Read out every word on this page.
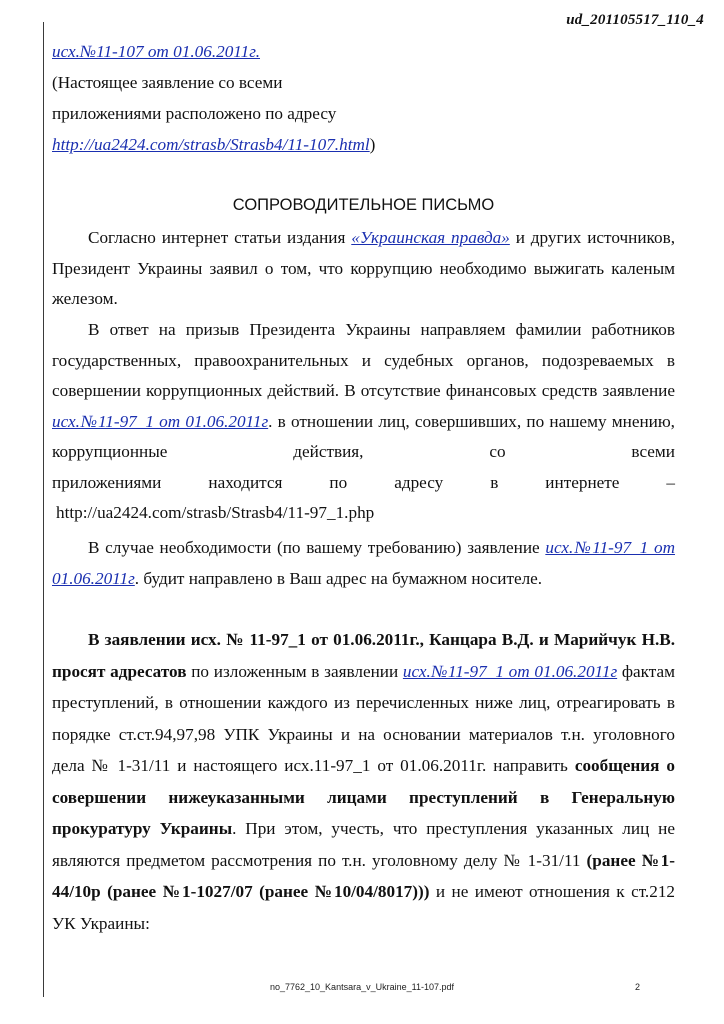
ud_201105517_110_4
исх.№11-107 от 01.06.2011г.
(Настоящее заявление со всеми
приложениями расположено по адресу
http://ua2424.com/strasb/Strasb4/11-107.html)
СОПРОВОДИТЕЛЬНОЕ ПИСЬМО

Согласно интернет статьи издания «Украинская правда» и других источников, Президент Украины заявил о том, что коррупцию необходимо выжигать каленым железом.

В ответ на призыв Президента Украины направляем фамилии работников государственных, правоохранительных и судебных органов, подозреваемых в совершении коррупционных действий. В отсутствие финансовых средств заявление исх.№11-97_1 от 01.06.2011г. в отношении лиц, совершивших, по нашему мнению, коррупционные действия, со всеми

приложениями находится по адресу в интернете –
http://ua2424.com/strasb/Strasb4/11-97_1.php

В случае необходимости (по вашему требованию) заявление исх.№11-97_1 от 01.06.2011г. будит направлено в Ваш адрес на бумажном носителе.

В заявлении исх. № 11-97_1 от 01.06.2011г., Канцара В.Д. и Марийчук Н.В. просят адресатов по изложенным в заявлении исх.№11-97_1 от 01.06.2011г фактам преступлений, в отношении каждого из перечисленных ниже лиц, отреагировать в порядке ст.ст.94,97,98 УПК Украины и на основании материалов т.н. уголовного дела № 1-31/11 и настоящего исх.11-97_1 от 01.06.2011г. направить сообщения о совершении нижеуказанными лицами преступлений в Генеральную прокуратуру Украины. При этом, учесть, что преступления указанных лиц не являются предметом рассмотрения по т.н. уголовному делу № 1-31/11 (ранее №1-44/10р (ранее №1-1027/07 (ранее №10/04/8017))) и не имеют отношения к ст.212 УК Украины:

no_7762_10_Kantsara_v_Ukraine_11-107.pdf	2
